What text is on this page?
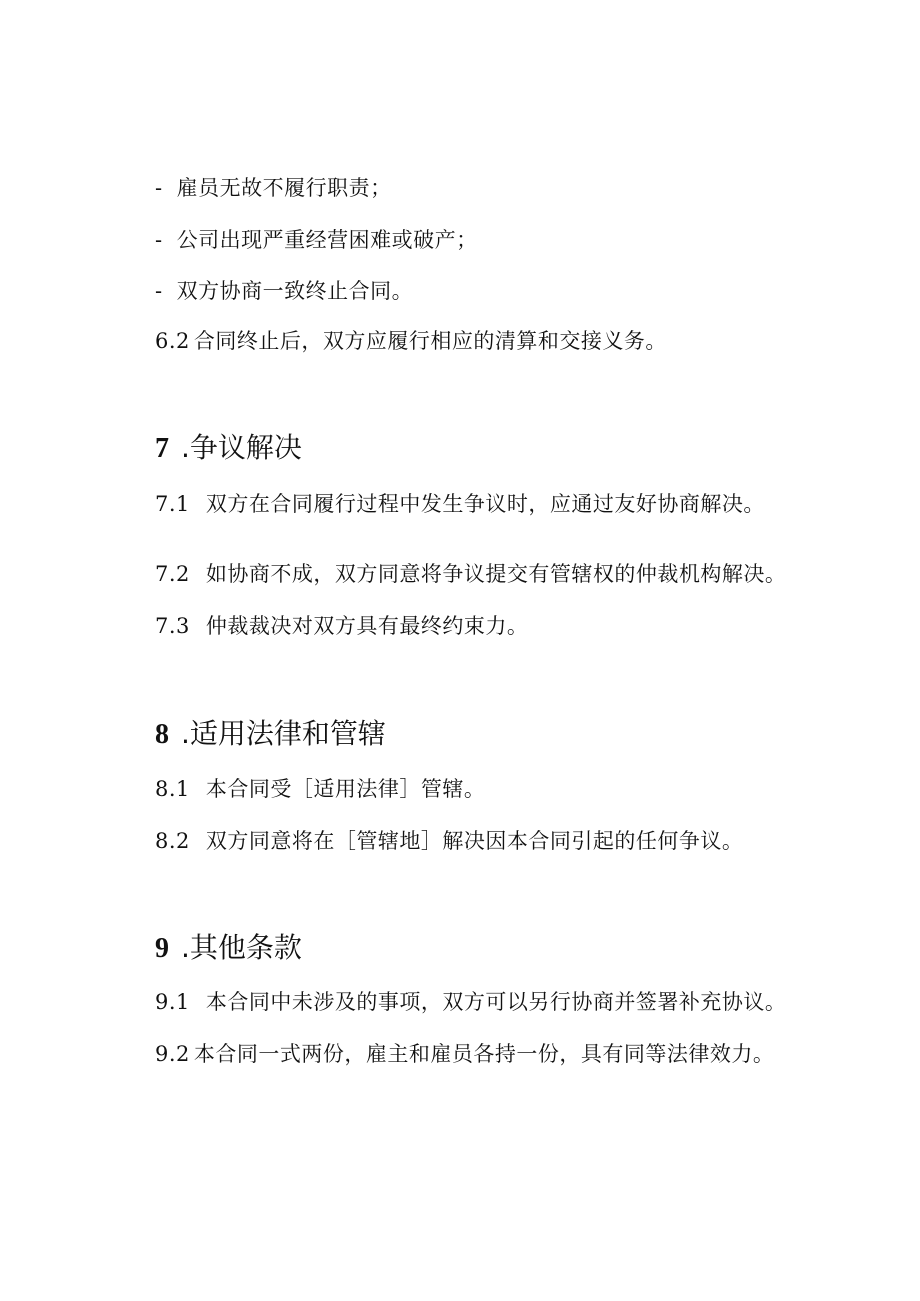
- 雇员无故不履行职责；
- 公司出现严重经营困难或破产；
- 双方协商一致终止合同。
6.2 合同终止后，双方应履行相应的清算和交接义务。
7 .争议解决
7.1 双方在合同履行过程中发生争议时，应通过友好协商解决。
7.2 如协商不成，双方同意将争议提交有管辖权的仲裁机构解决。
7.3 仲裁裁决对双方具有最终约束力。
8 .适用法律和管辖
8.1 本合同受［适用法律］管辖。
8.2 双方同意将在［管辖地］解决因本合同引起的任何争议。
9 .其他条款
9.1 本合同中未涉及的事项，双方可以另行协商并签署补充协议。
9.2 本合同一式两份，雇主和雇员各持一份，具有同等法律效力。
